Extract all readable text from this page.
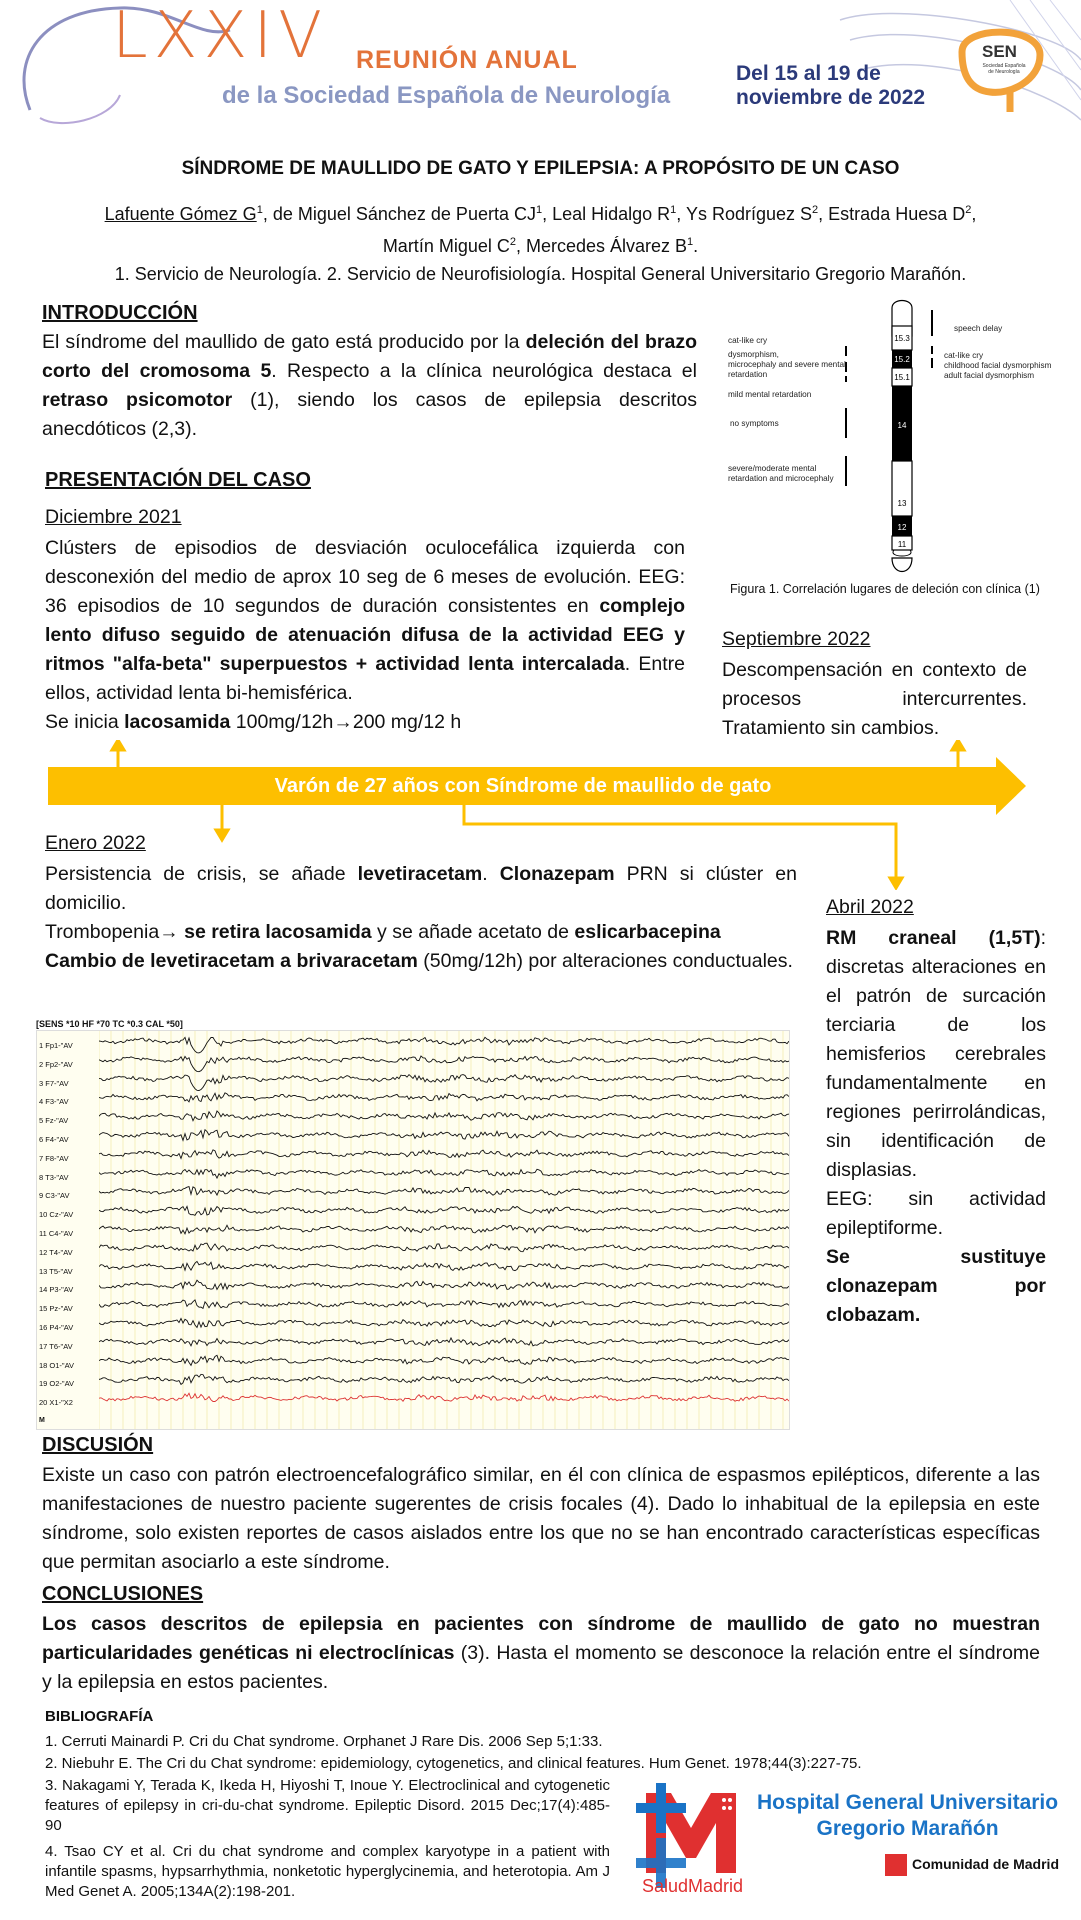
LXXIV REUNIÓN ANUAL
de la Sociedad Española de Neurología
Del 15 al 19 de
noviembre de 2022
SEN
Sociedad Española
de Neurología
SÍNDROME DE MAULLIDO DE GATO Y EPILEPSIA: A PROPÓSITO DE UN CASO
Lafuente Gómez $G^1$, de Miguel Sánchez de Puerta $CJ^1$, Leal Hidalgo $R^1$, Ys Rodríguez $S^2$, Estrada Huesa $D^2$,
Martín Miguel $C^2$, Mercedes Álvarez $B^1$.
1. Servicio de Neurología. 2. Servicio de Neurofisiología. Hospital General Universitario Gregorio Marañón.
INTRODUCCIÓN
El síndrome del maullido de gato está producido por la deleción del brazo corto del cromosoma 5. Respecto a la clínica neurológica destaca el retraso psicomotor (1), siendo los casos de epilepsia descritos anecdóticos (2,3).
PRESENTACIÓN DEL CASO
Diciembre 2021
Clústers de episodios de desviación oculocefálica izquierda con desconexión del medio de aprox 10 seg de 6 meses de evolución. EEG: 36 episodios de 10 segundos de duración consistentes en complejo lento difuso seguido de atenuación difusa de la actividad EEG y ritmos "alfa-beta" superpuestos + actividad lenta intercalada. Entre ellos, actividad lenta bi-hemisférica.
Se inicia lacosamida 100mg/12h→200 mg/12 h
15.3
15.2
15.1
14
13
12
11
cat-like cry
dysmorphism,
microcephaly and severe mental
retardation
mild mental retardation
no symptoms
severe/moderate mental
retardation and microcephaly
speech delay
cat-like cry
childhood facial dysmorphism
adult facial dysmorphism
Figura 1. Correlación lugares de deleción con clínica (1)
Septiembre 2022
Descompensación en contexto de procesos intercurrentes. Tratamiento sin cambios.
Varón de 27 años con Síndrome de maullido de gato
Enero 2022
Persistencia de crisis, se añade levetiracetam. Clonazepam PRN si clúster en domicilio.
Trombopenia→ se retira lacosamida y se añade acetato de eslicarbacepina
Cambio de levetiracetam a brivaracetam (50mg/12h) por alteraciones conductuales.
[SENS *10 HF *70 TC *0.3 CAL *50]
1 Fp1-"AV
2 Fp2-"AV
3 F7-"AV
4 F3-"AV
5 Fz-"AV
6 F4-"AV
7 F8-"AV
8 T3-"AV
9 C3-"AV
10 Cz-"AV
11 C4-"AV
12 T4-"AV
13 T5-"AV
14 P3-"AV
15 Pz-"AV
16 P4-"AV
17 T6-"AV
18 O1-"AV
19 O2-"AV
20 X1-"X2
M
Abril 2022
RM craneal (1,5T): discretas alteraciones en el patrón de surcación terciaria de los hemisferios cerebrales fundamentalmente en regiones perirrolándicas, sin identificación de displasias.
EEG: sin actividad epileptiforme.
Se sustituye clonazepam por clobazam.
DISCUSIÓN
Existe un caso con patrón electroencefalográfico similar, en él con clínica de espasmos epilépticos, diferente a las manifestaciones de nuestro paciente sugerentes de crisis focales (4). Dado lo inhabitual de la epilepsia en este síndrome, solo existen reportes de casos aislados entre los que no se han encontrado características específicas que permitan asociarlo a este síndrome.
CONCLUSIONES
Los casos descritos de epilepsia en pacientes con síndrome de maullido de gato no muestran particularidades genéticas ni electroclínicas (3). Hasta el momento se desconoce la relación entre el síndrome y la epilepsia en estos pacientes.
BIBLIOGRAFÍA
1. Cerruti Mainardi P. Cri du Chat syndrome. Orphanet J Rare Dis. 2006 Sep 5;1:33.
2. Niebuhr E. The Cri du Chat syndrome: epidemiology, cytogenetics, and clinical features. Hum Genet. 1978;44(3):227-75.
3. Nakagami Y, Terada K, Ikeda H, Hiyoshi T, Inoue Y. Electroclinical and cytogenetic features of epilepsy in cri-du-chat syndrome. Epileptic Disord. 2015 Dec;17(4):485-90
4. Tsao CY et al. Cri du chat syndrome and complex karyotype in a patient with infantile spasms, hypsarrhythmia, nonketotic hyperglycinemia, and heterotopia. Am J Med Genet A. 2005;134A(2):198-201.	SaludMadrid
Hospital General Universitario
Gregorio Marañón
Comunidad de Madrid
